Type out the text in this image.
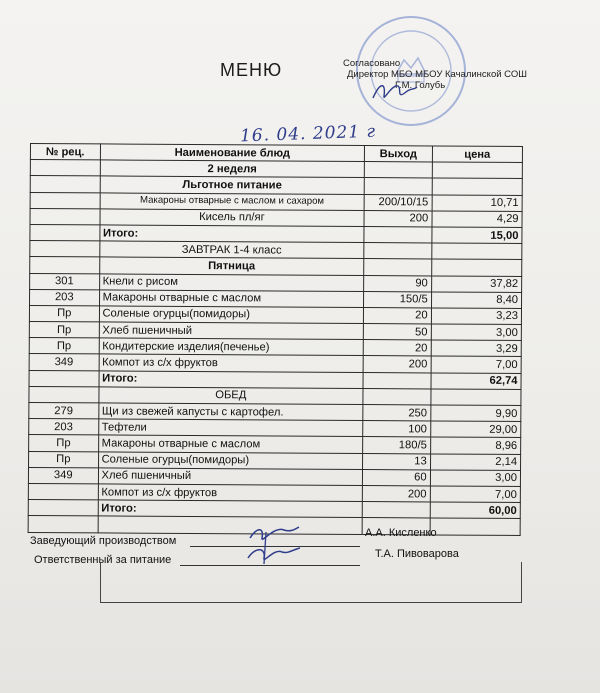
МЕНЮ	Согласовано
Директор МБО МБОУ Качалинской СОШ
Г.М. Голубь
16. 04. 2021 г
№ рец.	Наименование блюд	Выход	цена
	2 неделя		
	Льготное питание		
	Макароны отварные с маслом и сахаром	200/10/15	10,71
	Кисель пл/яг	200	4,29
	Итого:		15,00
	ЗАВТРАК 1-4 класс		
	Пятница		
301	Кнели с рисом	90	37,82
203	Макароны отварные с маслом	150/5	8,40
Пр	Соленые огурцы(помидоры)	20	3,23
Пр	Хлеб пшеничный	50	3,00
Пр	Кондитерские изделия(печенье)	20	3,29
349	Компот из с/х фруктов	200	7,00
	Итого:		62,74
	ОБЕД		
279	Щи из свежей капусты с картофел.	250	9,90
203	Тефтели	100	29,00
Пр	Макароны отварные с маслом	180/5	8,96
Пр	Соленые огурцы(помидоры)	13	2,14
349	Хлеб пшеничный	60	3,00
	Компот из с/х фруктов	200	7,00
	Итого:		60,00

Заведующий производством
А.А. Кисленко
Ответственный за питание	Т.А. Пивоварова
